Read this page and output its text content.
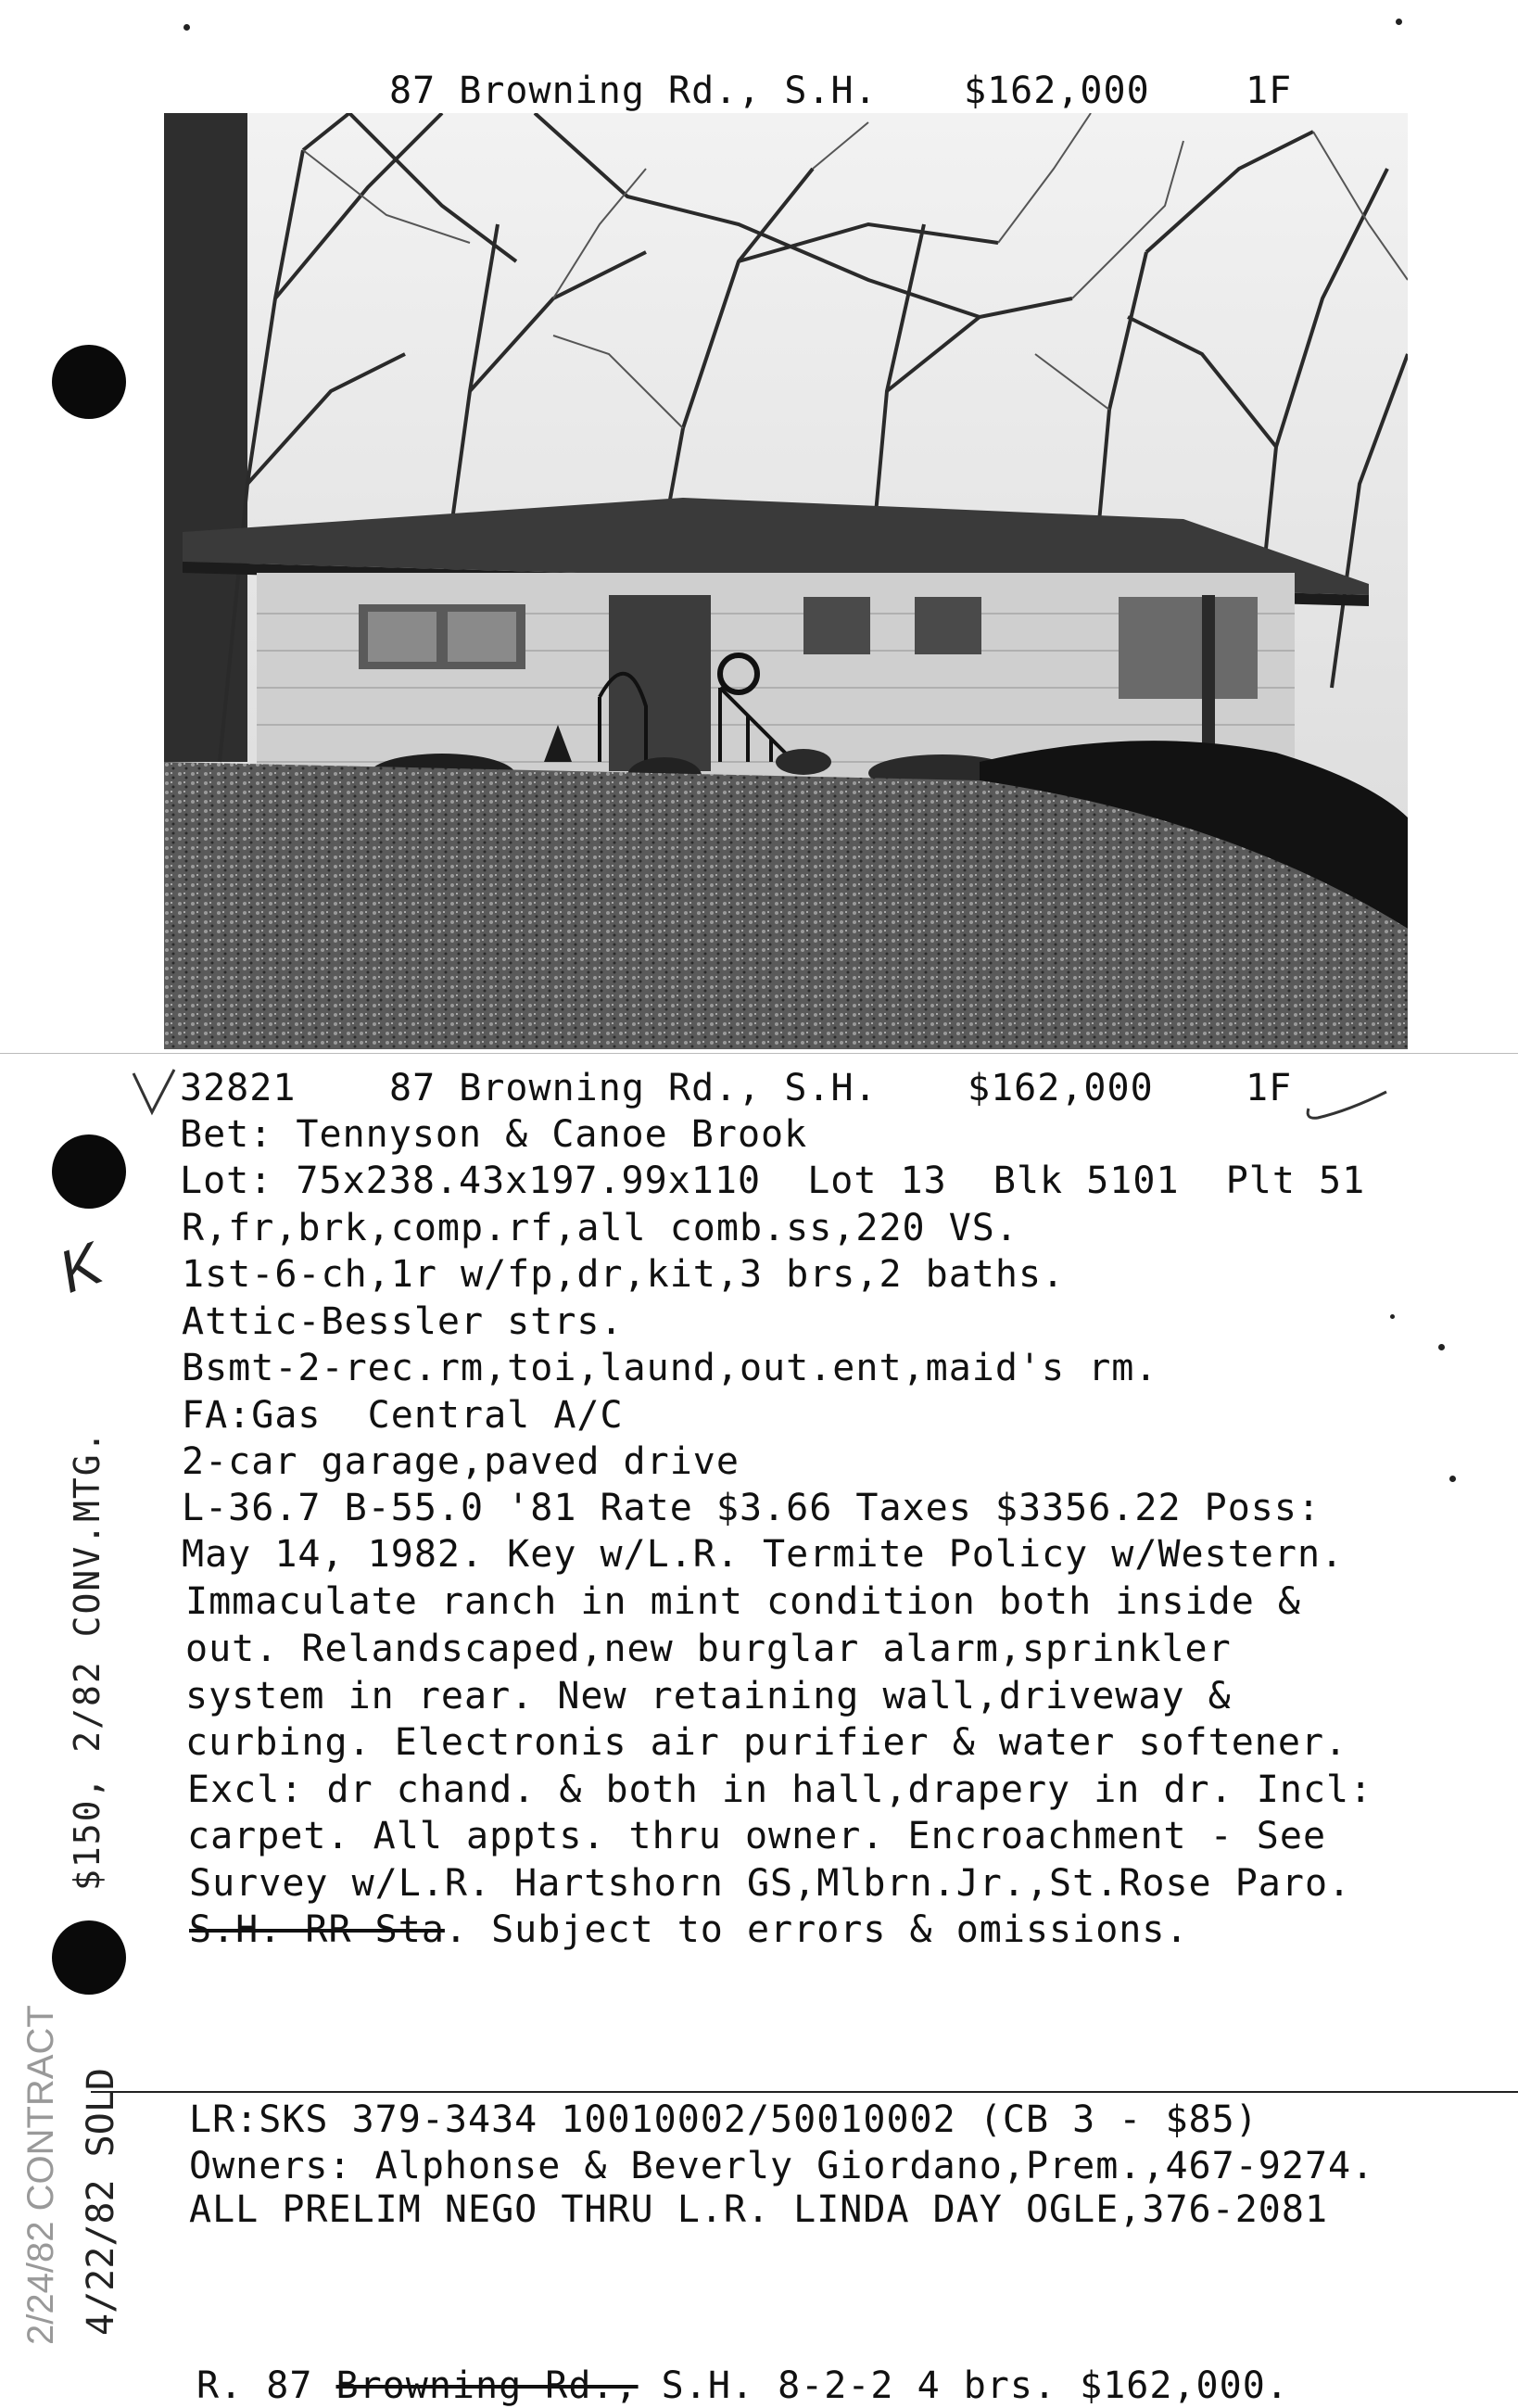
87 Browning Rd., S.H. $162,000	1F
32821	87 Browning Rd., S.H. $162,000 1F
Bet: Tennyson & Canoe Brook
Lot: 75x238.43x197.99x110  Lot 13  Blk 5101  Plt 51
R,fr,brk,comp.rf,all comb.ss,220 VS.
1st-6-ch,1r w/fp,dr,kit,3 brs,2 baths.
Attic-Bessler strs.
Bsmt-2-rec.rm,toi,laund,out.ent,maid's rm.
FA:Gas  Central A/C
2-car garage,paved drive
L-36.7 B-55.0 '81 Rate $3.66 Taxes $3356.22 Poss:
May 14, 1982. Key w/L.R. Termite Policy w/Western.
Immaculate ranch in mint condition both inside &
out. Relandscaped,new burglar alarm,sprinkler
system in rear. New retaining wall,driveway &
curbing. Electronis air purifier & water softener.
Excl: dr chand. & both in hall,drapery in dr. Incl:
carpet. All appts. thru owner. Encroachment - See
Survey w/L.R. Hartshorn GS,Mlbrn.Jr.,St.Rose Paro.
S.H. RR Sta. Subject to errors & omissions.
LR:SKS 379-3434 10010002/50010002 (CB 3 - $85)
Owners: Alphonse & Beverly Giordano,Prem.,467-9274.
ALL PRELIM NEGO THRU L.R. LINDA DAY OGLE,376-2081
R. 87 Browning Rd., S.H. 8-2-2 4 brs. $162,000.
2/24/82 CONTRACT 4/22/82 SOLD
$150, 2/82 CONV.MTG.
K
